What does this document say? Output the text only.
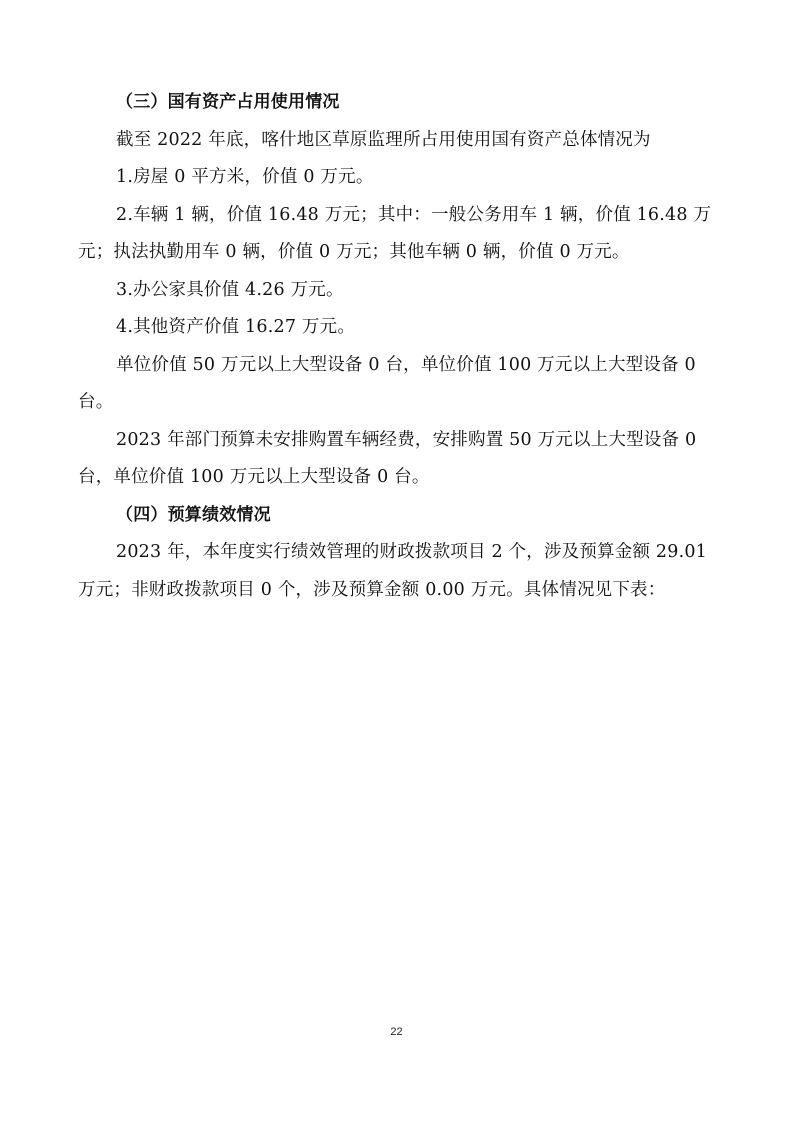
（三）国有资产占用使用情况
截至 2022 年底，喀什地区草原监理所占用使用国有资产总体情况为
1.房屋 0 平方米，价值 0 万元。
2.车辆 1 辆，价值 16.48 万元；其中：一般公务用车 1 辆，价值 16.48 万
元；执法执勤用车 0 辆，价值 0 万元；其他车辆 0 辆，价值 0 万元。
3.办公家具价值 4.26 万元。
4.其他资产价值 16.27 万元。
单位价值 50 万元以上大型设备 0 台，单位价值 100 万元以上大型设备 0
台。
2023 年部门预算未安排购置车辆经费，安排购置 50 万元以上大型设备 0
台，单位价值 100 万元以上大型设备 0 台。
（四）预算绩效情况
2023 年，本年度实行绩效管理的财政拨款项目 2 个，涉及预算金额 29.01
万元；非财政拨款项目 0 个，涉及预算金额 0.00 万元。具体情况见下表：
22
